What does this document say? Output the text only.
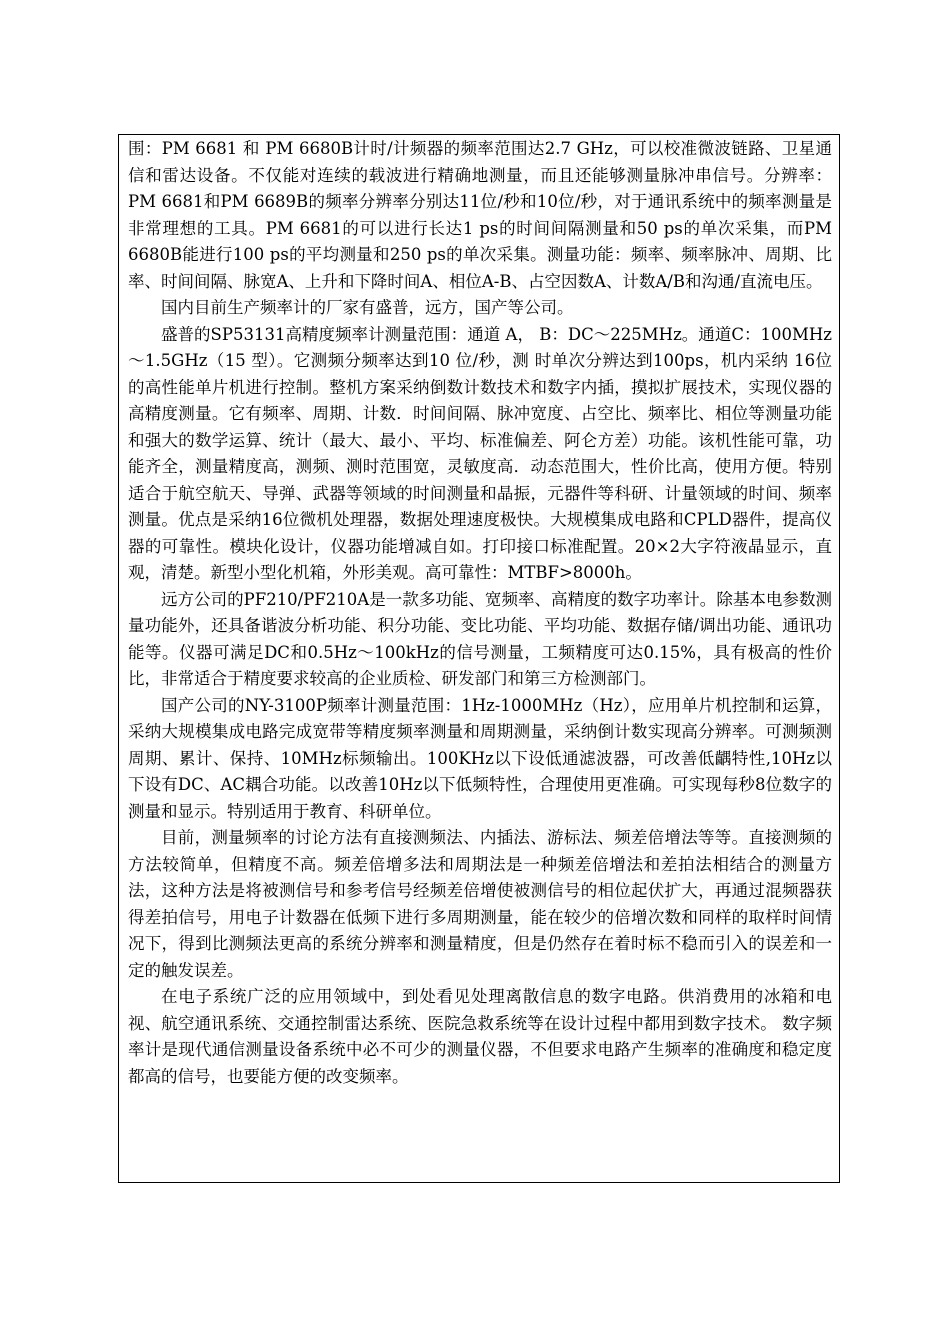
围：PM 6681 和 PM 6680B计时/计频器的频率范围达2.7 GHz，可以校准微波链路、卫星通信和雷达设备。不仅能对连续的载波进行精确地测量，而且还能够测量脉冲串信号。分辨率：PM 6681和PM 6689B的频率分辨率分别达11位/秒和10位/秒，对于通讯系统中的频率测量是非常理想的工具。PM 6681的可以进行长达1 ps的时间间隔测量和50 ps的单次采集，而PM 6680B能进行100 ps的平均测量和250 ps的单次采集。测量功能：频率、频率脉冲、周期、比率、时间间隔、脉宽A、上升和下降时间A、相位A-B、占空因数A、计数A/B和沟通/直流电压。

国内目前生产频率计的厂家有盛普，远方，国产等公司。

盛普的SP53131高精度频率计测量范围：通道 A， B：DC～225MHz。通道C：100MHz～1.5GHz（15 型）。它测频分频率达到10 位/秒，测 时单次分辨达到100ps，机内采纳 16位的高性能单片机进行控制。整机方案采纳倒数计数技术和数字内插，摸拟扩展技术，实现仪器的高精度测量。它有频率、周期、计数．时间间隔、脉冲宽度、占空比、频率比、相位等测量功能和强大的数学运算、统计（最大、最小、平均、标准偏差、阿仑方差）功能。该机性能可靠，功能齐全，测量精度高，测频、测时范围宽，灵敏度高．动态范围大，性价比高，使用方便。特别适合于航空航天、导弹、武器等领域的时间测量和晶振，元器件等科研、计量领域的时间、频率测量。优点是采纳16位微机处理器，数据处理速度极快。大规模集成电路和CPLD器件，提高仪器的可靠性。模块化设计，仪器功能增减自如。打印接口标准配置。20×2大字符液晶显示，直观，清楚。新型小型化机箱，外形美观。高可靠性：MTBF>8000h。

远方公司的PF210/PF210A是一款多功能、宽频率、高精度的数字功率计。除基本电参数测量功能外，还具备谐波分析功能、积分功能、变比功能、平均功能、数据存储/调出功能、通讯功能等。仪器可满足DC和0.5Hz～100kHz的信号测量，工频精度可达0.15%，具有极高的性价比，非常适合于精度要求较高的企业质检、研发部门和第三方检测部门。

国产公司的NY-3100P频率计测量范围：1Hz-1000MHz（Hz），应用单片机控制和运算，采纳大规模集成电路完成宽带等精度频率测量和周期测量，采纳倒计数实现高分辨率。可测频测周期、累计、保持、10MHz标频输出。100KHz以下设低通滤波器，可改善低齵特性,10Hz以下设有DC、AC耦合功能。以改善10Hz以下低频特性，合理使用更准确。可实现每秒8位数字的测量和显示。特别适用于教育、科研单位。

目前，测量频率的讨论方法有直接测频法、内插法、游标法、频差倍增法等等。直接测频的方法较简单，但精度不高。频差倍增多法和周期法是一种频差倍增法和差拍法相结合的测量方法，这种方法是将被测信号和参考信号经频差倍增使被测信号的相位起伏扩大，再通过混频器获得差拍信号，用电子计数器在低频下进行多周期测量，能在较少的倍增次数和同样的取样时间情况下，得到比测频法更高的系统分辨率和测量精度，但是仍然存在着时标不稳而引入的误差和一定的触发误差。

在电子系统广泛的应用领域中，到处看见处理离散信息的数字电路。供消费用的冰箱和电视、航空通讯系统、交通控制雷达系统、医院急救系统等在设计过程中都用到数字技术。 数字频率计是现代通信测量设备系统中必不可少的测量仪器，不但要求电路产生频率的准确度和稳定度都高的信号，也要能方便的改变频率。
